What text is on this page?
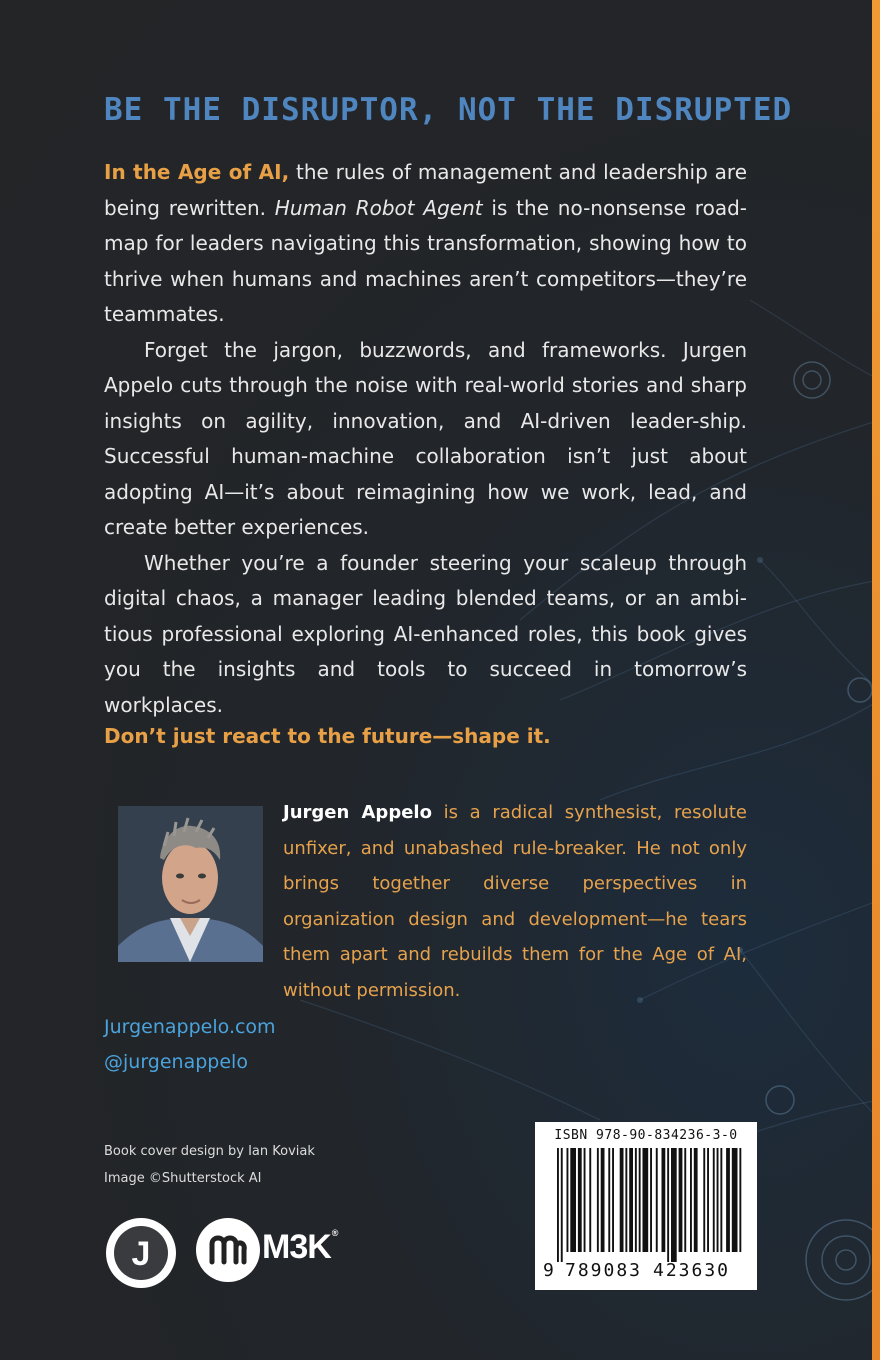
BE THE DISRUPTOR, NOT THE DISRUPTED

In the Age of AI, the rules of management and leadership are being rewritten. Human Robot Agent is the no-nonsense road-map for leaders navigating this transformation, showing how to thrive when humans and machines aren’t competitors—they’re teammates.

Forget the jargon, buzzwords, and frameworks. Jurgen Appelo cuts through the noise with real-world stories and sharp insights on agility, innovation, and AI-driven leader-ship. Successful human-machine collaboration isn’t just about adopting AI—it’s about reimagining how we work, lead, and create better experiences.

Whether you’re a founder steering your scaleup through digital chaos, a manager leading blended teams, or an ambi-tious professional exploring AI-enhanced roles, this book gives you the insights and tools to succeed in tomorrow’s workplaces.

Don’t just react to the future—shape it.
Jurgen Appelo is a radical synthesist, resolute unfixer, and unabashed rule-breaker. He not only brings together diverse perspectives in organization design and development—he tears them apart and rebuilds them for the Age of AI, without permission.
Jurgenappelo.com
@jurgenappelo
Book cover design by Ian Koviak
Image ©Shutterstock AI
J	M3K®
ISBN 978-90-834236-3-0
9 789083 423630
